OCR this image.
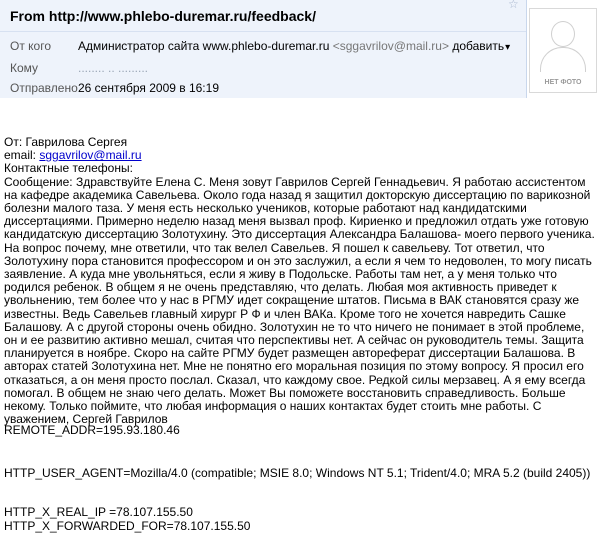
From http://www.phlebo-duremar.ru/feedback/
☆
От кого Администратор сайта www.phlebo-duremar.ru <sggavrilov@mail.ru> добавить ▾
Кому	........ .. .........
Отправлено 26 сентября 2009 в 16:19	НЕТ ФОТО
От: Гаврилова Сергея
email: sggavrilov@mail.ru
Контактные телефоны:
Сообщение: Здравствуйте Елена С. Меня зовут Гаврилов Сергей Геннадьевич. Я работаю ассистентом на кафедре академика Савельева. Около года назад я защитил докторскую диссертацию по варикозной болезни малого таза. У меня есть несколько учеников, которые работают над кандидатскими диссертациями. Примерно неделю назад меня вызвал проф. Кириенко и предложил отдать уже готовую кандидатскую диссертацию Золотухину. Это диссертация Александра Балашова- моего первого ученика. На вопрос почему, мне ответили, что так велел Савельев. Я пошел к савельеву. Тот ответил, что Золотухину пора становится профессором и он это заслужил, а если я чем то недоволен, то могу писать заявление. А куда мне увольняться, если я живу в Подольске. Работы там нет, а у меня только что родился ребенок. В общем я не очень представляю, что делать. Любая моя активность приведет к увольнению, тем более что у нас в РГМУ идет сокращение штатов. Письма в ВАК становятся сразу же известны. Ведь Савельев главный хирург Р Ф и член ВАКа. Кроме того не хочется навредить Сашке Балашову. А с другой стороны очень обидно. Золотухин не то что ничего не понимает в этой проблеме, он и ее развитию активно мешал, считая что перспективы нет. А сейчас он руководитель темы. Защита планируется в ноябре. Скоро на сайте РГМУ будет размещен автореферат диссертации Балашова. В авторах статей Золотухина нет. Мне не понятно его моральная позиция по этому вопросу. Я просил его отказаться, а он меня просто послал. Сказал, что каждому свое. Редкой силы мерзавец. А я ему всегда помогал. В общем не знаю чего делать. Может Вы поможете восстановить справедливость. Больше некому. Только поймите, что любая информация о наших контактах будет стоить мне работы. С уважением, Сергей Гаврилов
REMOTE_ADDR=195.93.180.46
HTTP_USER_AGENT=Mozilla/4.0 (compatible; MSIE 8.0; Windows NT 5.1; Trident/4.0; MRA 5.2 (build 2405))
HTTP_X_REAL_IP =78.107.155.50
HTTP_X_FORWARDED_FOR=78.107.155.50
